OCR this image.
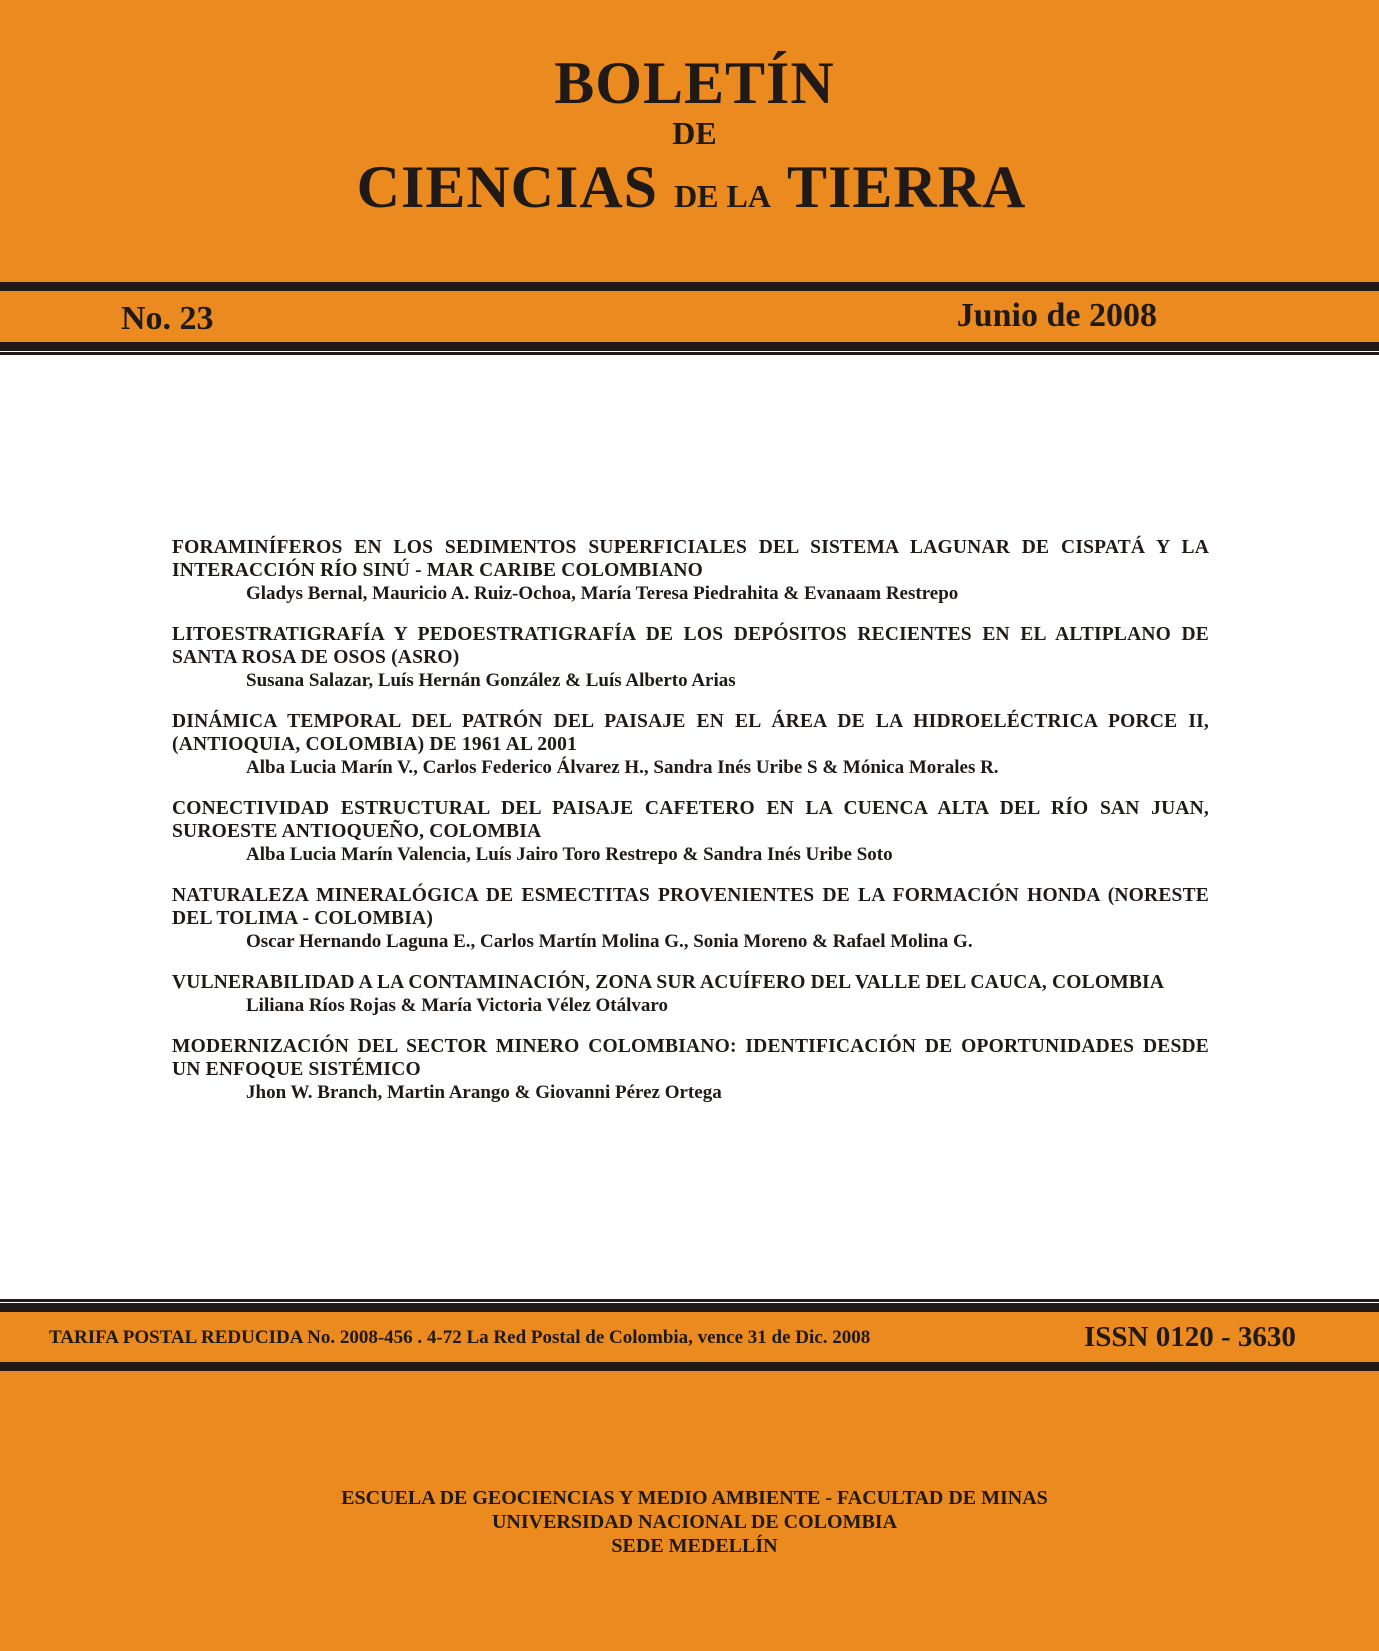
BOLETÍN
DE
CIENCIAS DE LA TIERRA
No. 23	Junio de 2008
FORAMINÍFEROS EN LOS SEDIMENTOS SUPERFICIALES DEL SISTEMA LAGUNAR DE CISPATÁ Y LA INTERACCIÓN RÍO SINÚ - MAR CARIBE COLOMBIANO
Gladys Bernal, Mauricio A. Ruiz-Ochoa, María Teresa Piedrahita & Evanaam Restrepo
LITOESTRATIGRAFÍA Y PEDOESTRATIGRAFÍA DE LOS DEPÓSITOS RECIENTES EN EL ALTIPLANO DE SANTA ROSA DE OSOS (ASRO)
Susana Salazar, Luís Hernán González & Luís Alberto Arias
DINÁMICA TEMPORAL DEL PATRÓN DEL PAISAJE EN EL ÁREA DE LA HIDROELÉCTRICA PORCE II, (ANTIOQUIA, COLOMBIA) DE 1961 AL 2001
Alba Lucia Marín V., Carlos Federico Álvarez H., Sandra Inés Uribe S & Mónica Morales R.
CONECTIVIDAD ESTRUCTURAL DEL PAISAJE CAFETERO EN LA CUENCA ALTA DEL RÍO SAN JUAN, SUROESTE ANTIOQUEÑO, COLOMBIA
Alba Lucia Marín Valencia, Luís Jairo Toro Restrepo & Sandra Inés Uribe Soto
NATURALEZA MINERALÓGICA DE ESMECTITAS PROVENIENTES DE LA FORMACIÓN HONDA (NORESTE DEL TOLIMA - COLOMBIA)
Oscar Hernando Laguna E., Carlos Martín Molina G., Sonia Moreno & Rafael Molina G.
VULNERABILIDAD A LA CONTAMINACIÓN, ZONA SUR ACUÍFERO DEL VALLE DEL CAUCA, COLOMBIA
Liliana Ríos Rojas & María Victoria Vélez Otálvaro
MODERNIZACIÓN DEL SECTOR MINERO COLOMBIANO: IDENTIFICACIÓN DE OPORTUNIDADES DESDE UN ENFOQUE SISTÉMICO
Jhon W. Branch, Martin Arango & Giovanni Pérez Ortega
TARIFA POSTAL REDUCIDA No. 2008-456 . 4-72 La Red Postal de Colombia, vence 31 de Dic. 2008	ISSN 0120 - 3630
ESCUELA DE GEOCIENCIAS Y MEDIO AMBIENTE - FACULTAD DE MINAS
UNIVERSIDAD NACIONAL DE COLOMBIA
SEDE MEDELLÍN
